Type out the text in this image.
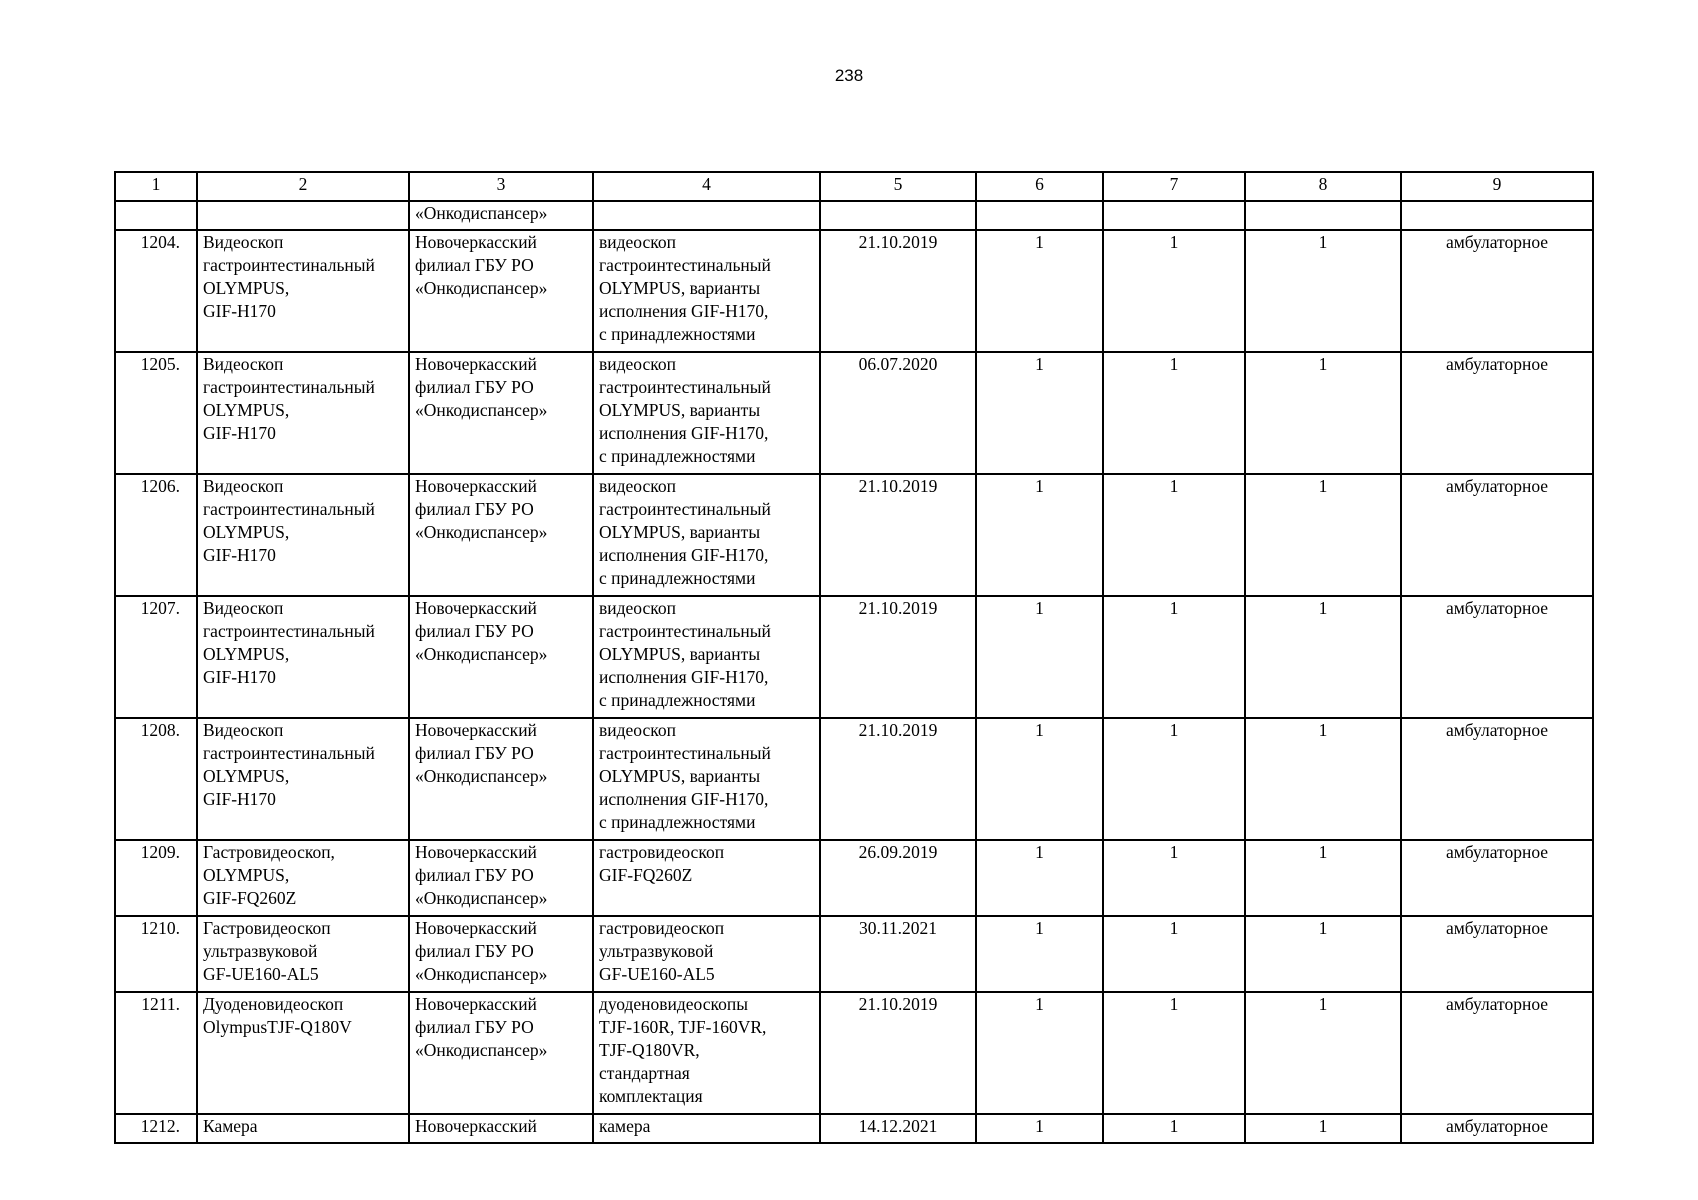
238
1	2	3	4	5	6	7	8	9
		«Онкодиспансер»						
1204.	Видеоскоп
гастроинтестинальный
OLYMPUS,
GIF-H170	Новочеркасский
филиал ГБУ РО
«Онкодиспансер»	видеоскоп
гастроинтестинальный
OLYMPUS, варианты
исполнения GIF-H170,
с принадлежностями	21.10.2019	1	1	1	амбулаторное
1205.	Видеоскоп
гастроинтестинальный
OLYMPUS,
GIF-H170	Новочеркасский
филиал ГБУ РО
«Онкодиспансер»	видеоскоп
гастроинтестинальный
OLYMPUS, варианты
исполнения GIF-H170,
с принадлежностями	06.07.2020	1	1	1	амбулаторное
1206.	Видеоскоп
гастроинтестинальный
OLYMPUS,
GIF-H170	Новочеркасский
филиал ГБУ РО
«Онкодиспансер»	видеоскоп
гастроинтестинальный
OLYMPUS, варианты
исполнения GIF-H170,
с принадлежностями	21.10.2019	1	1	1	амбулаторное
1207.	Видеоскоп
гастроинтестинальный
OLYMPUS,
GIF-H170	Новочеркасский
филиал ГБУ РО
«Онкодиспансер»	видеоскоп
гастроинтестинальный
OLYMPUS, варианты
исполнения GIF-H170,
с принадлежностями	21.10.2019	1	1	1	амбулаторное
1208.	Видеоскоп
гастроинтестинальный
OLYMPUS,
GIF-H170	Новочеркасский
филиал ГБУ РО
«Онкодиспансер»	видеоскоп
гастроинтестинальный
OLYMPUS, варианты
исполнения GIF-H170,
с принадлежностями	21.10.2019	1	1	1	амбулаторное
1209.	Гастровидеоскоп,
OLYMPUS,
GIF-FQ260Z	Новочеркасский
филиал ГБУ РО
«Онкодиспансер»	гастровидеоскоп
GIF-FQ260Z	26.09.2019	1	1	1	амбулаторное
1210.	Гастровидеоскоп
ультразвуковой
GF-UE160-AL5	Новочеркасский
филиал ГБУ РО
«Онкодиспансер»	гастровидеоскоп
ультразвуковой
GF-UE160-AL5	30.11.2021	1	1	1	амбулаторное
1211.	Дуоденовидеоскоп
OlympusTJF-Q180V	Новочеркасский
филиал ГБУ РО
«Онкодиспансер»	дуоденовидеоскопы
TJF-160R, TJF-160VR,
TJF-Q180VR,
стандартная
комплектация	21.10.2019	1	1	1	амбулаторное
1212.	Камера	Новочеркасский	камера	14.12.2021	1	1	1	амбулаторное
